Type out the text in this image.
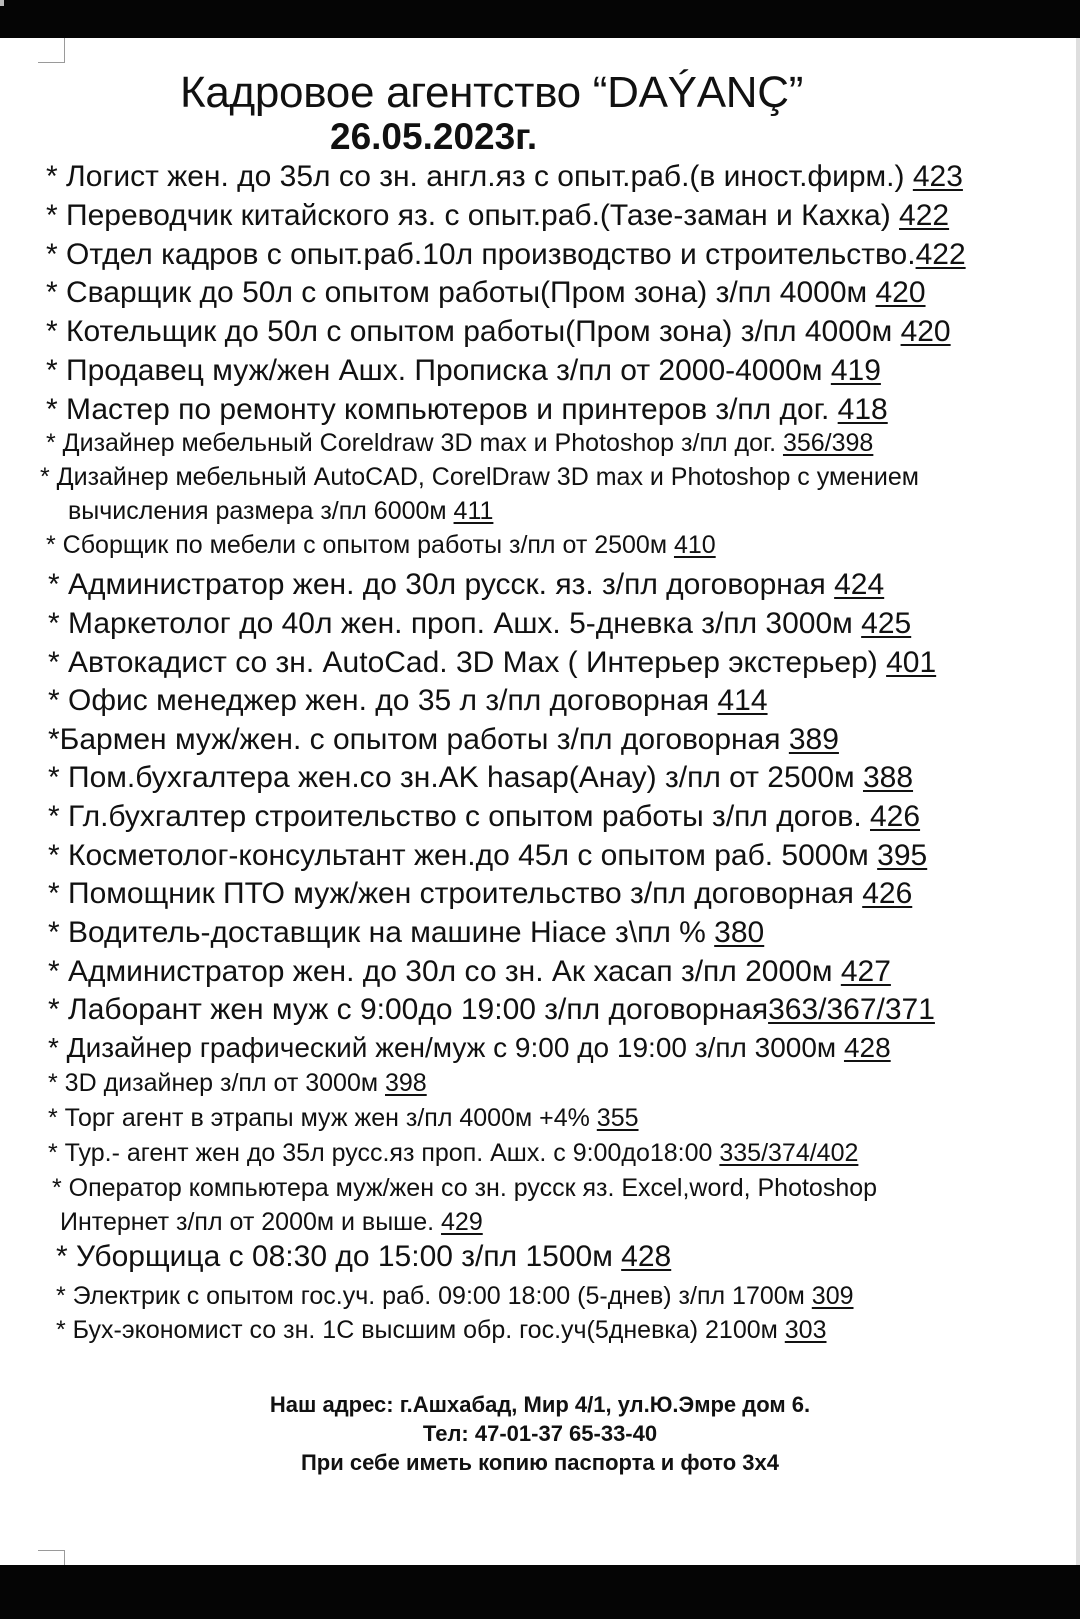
Кадровое агентство “DAÝANÇ”
26.05.2023г.
* Логист жен. до 35л со зн. англ.яз с опыт.раб.(в иност.фирм.) 423
* Переводчик китайского яз. с опыт.раб.(Тазе-заман и Кахка) 422
* Отдел кадров с опыт.раб.10л производство и строительство.422
* Сварщик до 50л с опытом работы(Пром зона) з/пл 4000м 420
* Котельщик до 50л с опытом работы(Пром зона) з/пл 4000м 420
* Продавец муж/жен Ашх. Прописка з/пл от 2000-4000м 419
* Мастер по ремонту компьютеров и принтеров з/пл дог. 418
* Дизайнер мебельный Coreldraw 3D max и Photoshop з/пл дог. 356/398
* Дизайнер мебельный AutoCAD, CorelDraw 3D max и Photoshop с умением
вычисления размера з/пл 6000м 411
* Сборщик по мебели с опытом работы з/пл от 2500м 410
* Администратор жен. до 30л русск. яз. з/пл договорная 424
* Маркетолог до 40л жен. проп. Ашх. 5-дневка з/пл 3000м 425
* Автокадист со зн. AutoCad. 3D Max ( Интерьер экстерьер) 401
* Офис менеджер жен. до 35 л з/пл договорная 414
*Бармен муж/жен. с опытом работы з/пл договорная 389
* Пом.бухгалтера жен.со зн.AK hasap(Анау) з/пл от 2500м 388
* Гл.бухгалтер строительство с опытом работы з/пл догов. 426
* Косметолог-консультант жен.до 45л с опытом раб. 5000м 395
* Помощник ПТО муж/жен строительство з/пл договорная 426
* Водитель-доставщик на машине Hiace з\пл % 380
* Администратор жен. до 30л со зн. Ак хасап з/пл 2000м 427
* Лаборант жен муж с 9:00до 19:00 з/пл договорная363/367/371
* Дизайнер графический жен/муж с 9:00 до 19:00 з/пл 3000м 428
* 3D дизайнер з/пл от 3000м 398
* Торг агент в этрапы муж жен з/пл 4000м +4% 355
* Тур.- агент жен до 35л русс.яз проп. Ашх. с 9:00до18:00 335/374/402
* Оператор компьютера муж/жен со зн. русск яз. Excel,word, Photoshop
Интернет з/пл от 2000м и выше. 429
* Уборщица с 08:30 до 15:00 з/пл 1500м 428
* Электрик с опытом гос.уч. раб. 09:00 18:00 (5-днев) з/пл 1700м 309
* Бух-экономист со зн. 1С высшим обр. гос.уч(5дневка) 2100м 303
Наш адрес: г.Ашхабад, Мир 4/1, ул.Ю.Эмре дом 6.
Тел: 47-01-37 65-33-40
При себе иметь копию паспорта и фото 3х4
